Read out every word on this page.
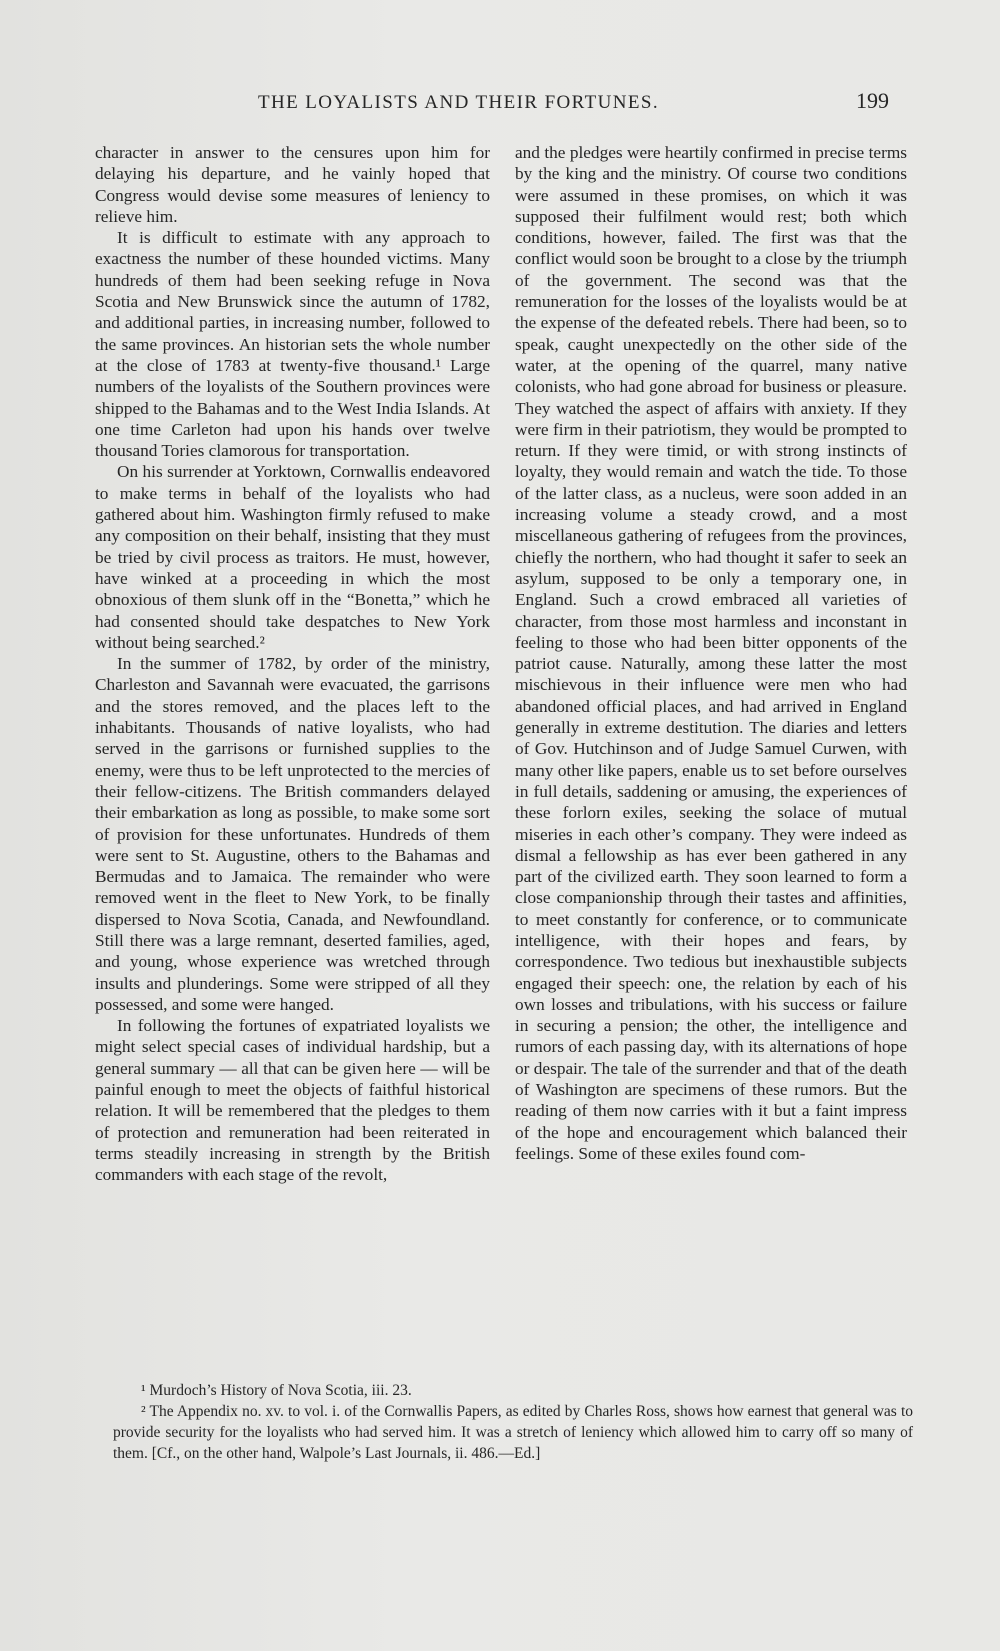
THE LOYALISTS AND THEIR FORTUNES.	199

character in answer to the censures upon him for delaying his departure, and he vainly hoped that Congress would devise some measures of leniency to relieve him.

It is difficult to estimate with any approach to exactness the number of these hounded victims. Many hundreds of them had been seeking refuge in Nova Scotia and New Brunswick since the autumn of 1782, and additional parties, in increasing number, followed to the same provinces. An historian sets the whole number at the close of 1783 at twenty-five thousand.¹ Large numbers of the loyalists of the Southern provinces were shipped to the Bahamas and to the West India Islands. At one time Carleton had upon his hands over twelve thousand Tories clamorous for transportation.

On his surrender at Yorktown, Cornwallis endeavored to make terms in behalf of the loyalists who had gathered about him. Washington firmly refused to make any composition on their behalf, insisting that they must be tried by civil process as traitors. He must, however, have winked at a proceeding in which the most obnoxious of them slunk off in the “Bonetta,” which he had consented should take despatches to New York without being searched.²

In the summer of 1782, by order of the ministry, Charleston and Savannah were evacuated, the garrisons and the stores removed, and the places left to the inhabitants. Thousands of native loyalists, who had served in the garrisons or furnished supplies to the enemy, were thus to be left unprotected to the mercies of their fellow-citizens. The British commanders delayed their embarkation as long as possible, to make some sort of provision for these unfortunates. Hundreds of them were sent to St. Augustine, others to the Bahamas and Bermudas and to Jamaica. The remainder who were removed went in the fleet to New York, to be finally dispersed to Nova Scotia, Canada, and Newfoundland. Still there was a large remnant, deserted families, aged, and young, whose experience was wretched through insults and plunderings. Some were stripped of all they possessed, and some were hanged.

In following the fortunes of expatriated loyalists we might select special cases of individual hardship, but a general summary — all that can be given here — will be painful enough to meet the objects of faithful historical relation. It will be remembered that the pledges to them of protection and remuneration had been reiterated in terms steadily increasing in strength by the British commanders with each stage of the revolt,

and the pledges were heartily confirmed in precise terms by the king and the ministry. Of course two conditions were assumed in these promises, on which it was supposed their fulfilment would rest; both which conditions, however, failed. The first was that the conflict would soon be brought to a close by the triumph of the government. The second was that the remuneration for the losses of the loyalists would be at the expense of the defeated rebels. There had been, so to speak, caught unexpectedly on the other side of the water, at the opening of the quarrel, many native colonists, who had gone abroad for business or pleasure. They watched the aspect of affairs with anxiety. If they were firm in their patriotism, they would be prompted to return. If they were timid, or with strong instincts of loyalty, they would remain and watch the tide. To those of the latter class, as a nucleus, were soon added in an increasing volume a steady crowd, and a most miscellaneous gathering of refugees from the provinces, chiefly the northern, who had thought it safer to seek an asylum, supposed to be only a temporary one, in England. Such a crowd embraced all varieties of character, from those most harmless and inconstant in feeling to those who had been bitter opponents of the patriot cause. Naturally, among these latter the most mischievous in their influence were men who had abandoned official places, and had arrived in England generally in extreme destitution. The diaries and letters of Gov. Hutchinson and of Judge Samuel Curwen, with many other like papers, enable us to set before ourselves in full details, saddening or amusing, the experiences of these forlorn exiles, seeking the solace of mutual miseries in each other’s company. They were indeed as dismal a fellowship as has ever been gathered in any part of the civilized earth. They soon learned to form a close companionship through their tastes and affinities, to meet constantly for conference, or to communicate intelligence, with their hopes and fears, by correspondence. Two tedious but inexhaustible subjects engaged their speech: one, the relation by each of his own losses and tribulations, with his success or failure in securing a pension; the other, the intelligence and rumors of each passing day, with its alternations of hope or despair. The tale of the surrender and that of the death of Washington are specimens of these rumors. But the reading of them now carries with it but a faint impress of the hope and encouragement which balanced their feelings. Some of these exiles found com-

¹ Murdoch’s History of Nova Scotia, iii. 23.

² The Appendix no. xv. to vol. i. of the Cornwallis Papers, as edited by Charles Ross, shows how earnest that general was to provide security for the loyalists who had served him. It was a stretch of leniency which allowed him to carry off so many of them. [Cf., on the other hand, Walpole’s Last Journals, ii. 486.—Ed.]
